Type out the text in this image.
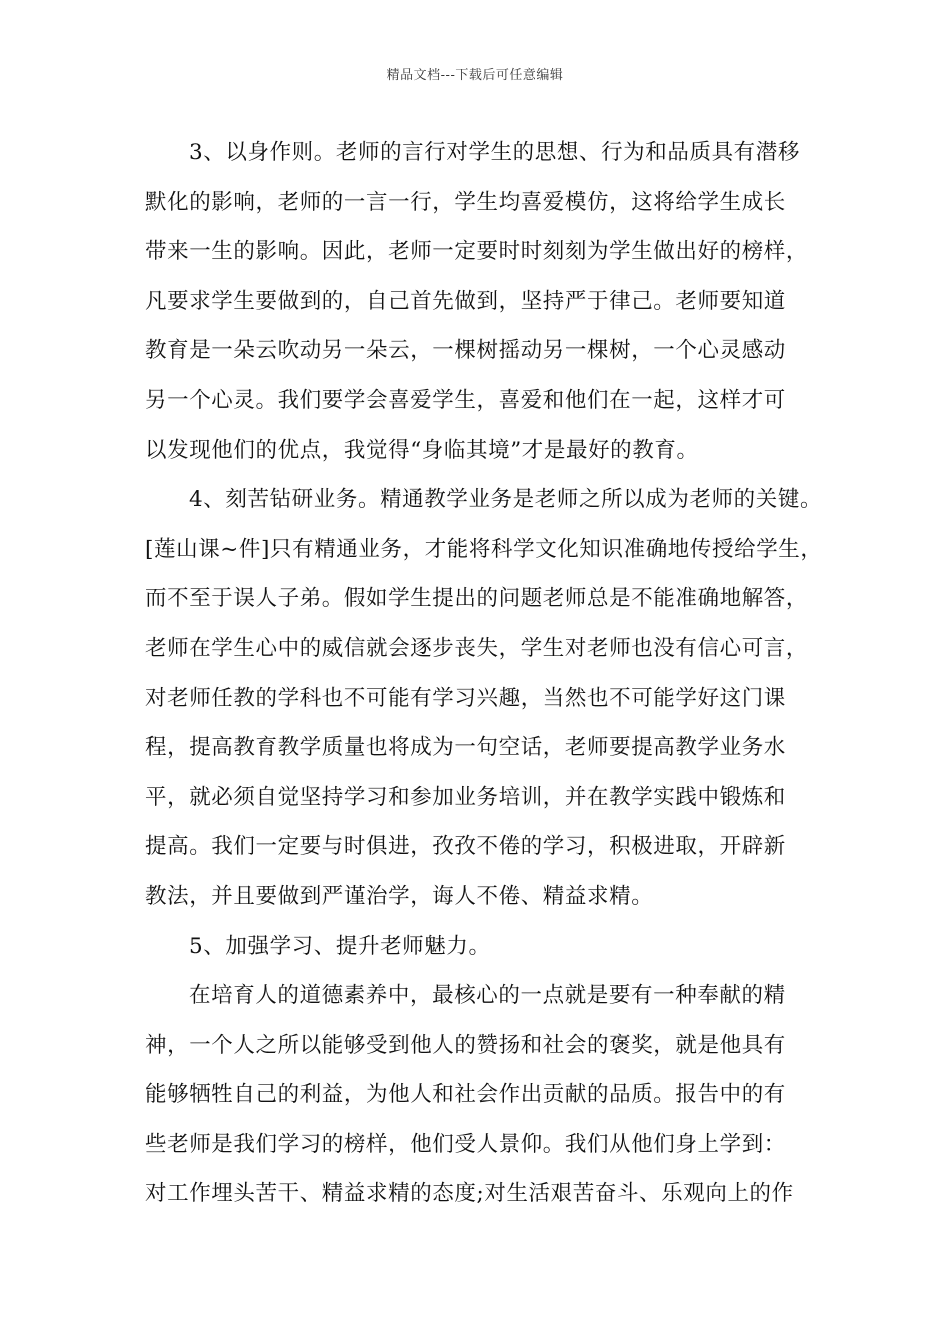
精品文档---下载后可任意编辑
3、以身作则。老师的言行对学生的思想、行为和品质具有潜移
默化的影响，老师的一言一行，学生均喜爱模仿，这将给学生成长
带来一生的影响。因此，老师一定要时时刻刻为学生做出好的榜样，
凡要求学生要做到的，自己首先做到，坚持严于律己。老师要知道
教育是一朵云吹动另一朵云，一棵树摇动另一棵树，一个心灵感动
另一个心灵。我们要学会喜爱学生，喜爱和他们在一起，这样才可
以发现他们的优点，我觉得“身临其境”才是最好的教育。
4、刻苦钻研业务。精通教学业务是老师之所以成为老师的关键。
[莲山课~件]只有精通业务，才能将科学文化知识准确地传授给学生，
而不至于误人子弟。假如学生提出的问题老师总是不能准确地解答，
老师在学生心中的威信就会逐步丧失，学生对老师也没有信心可言，
对老师任教的学科也不可能有学习兴趣，当然也不可能学好这门课
程，提高教育教学质量也将成为一句空话，老师要提高教学业务水
平，就必须自觉坚持学习和参加业务培训，并在教学实践中锻炼和
提高。我们一定要与时俱进，孜孜不倦的学习，积极进取，开辟新
教法，并且要做到严谨治学，诲人不倦、精益求精。
5、加强学习、提升老师魅力。
在培育人的道德素养中，最核心的一点就是要有一种奉献的精
神，一个人之所以能够受到他人的赞扬和社会的褒奖，就是他具有
能够牺牲自己的利益，为他人和社会作出贡献的品质。报告中的有
些老师是我们学习的榜样，他们受人景仰。我们从他们身上学到：
对工作埋头苦干、精益求精的态度;对生活艰苦奋斗、乐观向上的作
